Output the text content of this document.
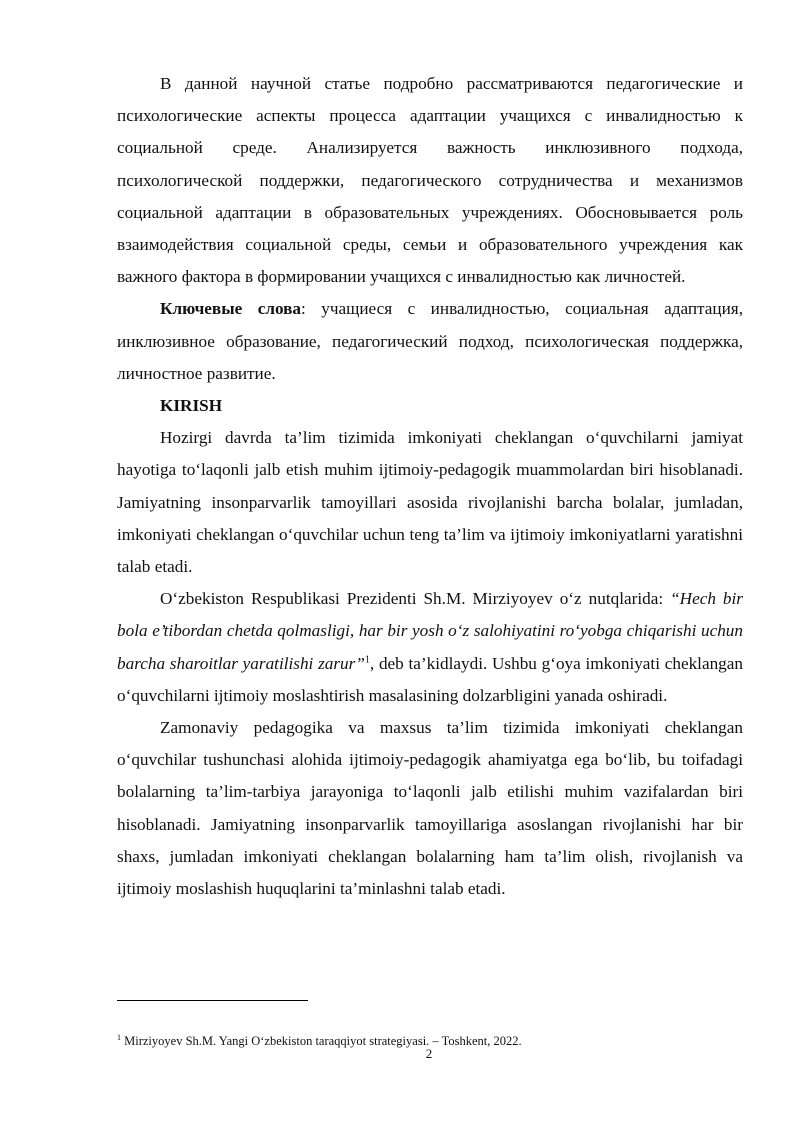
В данной научной статье подробно рассматриваются педагогические и психологические аспекты процесса адаптации учащихся с инвалидностью к социальной среде. Анализируется важность инклюзивного подхода, психологической поддержки, педагогического сотрудничества и механизмов социальной адаптации в образовательных учреждениях. Обосновывается роль взаимодействия социальной среды, семьи и образовательного учреждения как важного фактора в формировании учащихся с инвалидностью как личностей.

Ключевые слова: учащиеся с инвалидностью, социальная адаптация, инклюзивное образование, педагогический подход, психологическая поддержка, личностное развитие.

KIRISH

Hozirgi davrda ta’lim tizimida imkoniyati cheklangan oʻquvchilarni jamiyat hayotiga toʻlaqonli jalb etish muhim ijtimoiy-pedagogik muammolardan biri hisoblanadi. Jamiyatning insonparvarlik tamoyillari asosida rivojlanishi barcha bolalar, jumladan, imkoniyati cheklangan oʻquvchilar uchun teng ta’lim va ijtimoiy imkoniyatlarni yaratishni talab etadi.

Oʻzbekiston Respublikasi Prezidenti Sh.M. Mirziyoyev oʻz nutqlarida: “Hech bir bola e’tibordan chetda qolmasligi, har bir yosh oʻz salohiyatini roʻyobga chiqarishi uchun barcha sharoitlar yaratilishi zarur”$^1$, deb ta’kidlaydi. Ushbu gʻoya imkoniyati cheklangan oʻquvchilarni ijtimoiy moslashtirish masalasining dolzarbligini yanada oshiradi.

Zamonaviy pedagogika va maxsus ta’lim tizimida imkoniyati cheklangan oʻquvchilar tushunchasi alohida ijtimoiy-pedagogik ahamiyatga ega boʻlib, bu toifadagi bolalarning ta’lim-tarbiya jarayoniga toʻlaqonli jalb etilishi muhim vazifalardan biri hisoblanadi. Jamiyatning insonparvarlik tamoyillariga asoslangan rivojlanishi har bir shaxs, jumladan imkoniyati cheklangan bolalarning ham ta’lim olish, rivojlanish va ijtimoiy moslashish huquqlarini ta’minlashni talab etadi.

$^1$ Mirziyoyev Sh.M. Yangi Oʻzbekiston taraqqiyot strategiyasi. – Toshkent, 2022.
2
